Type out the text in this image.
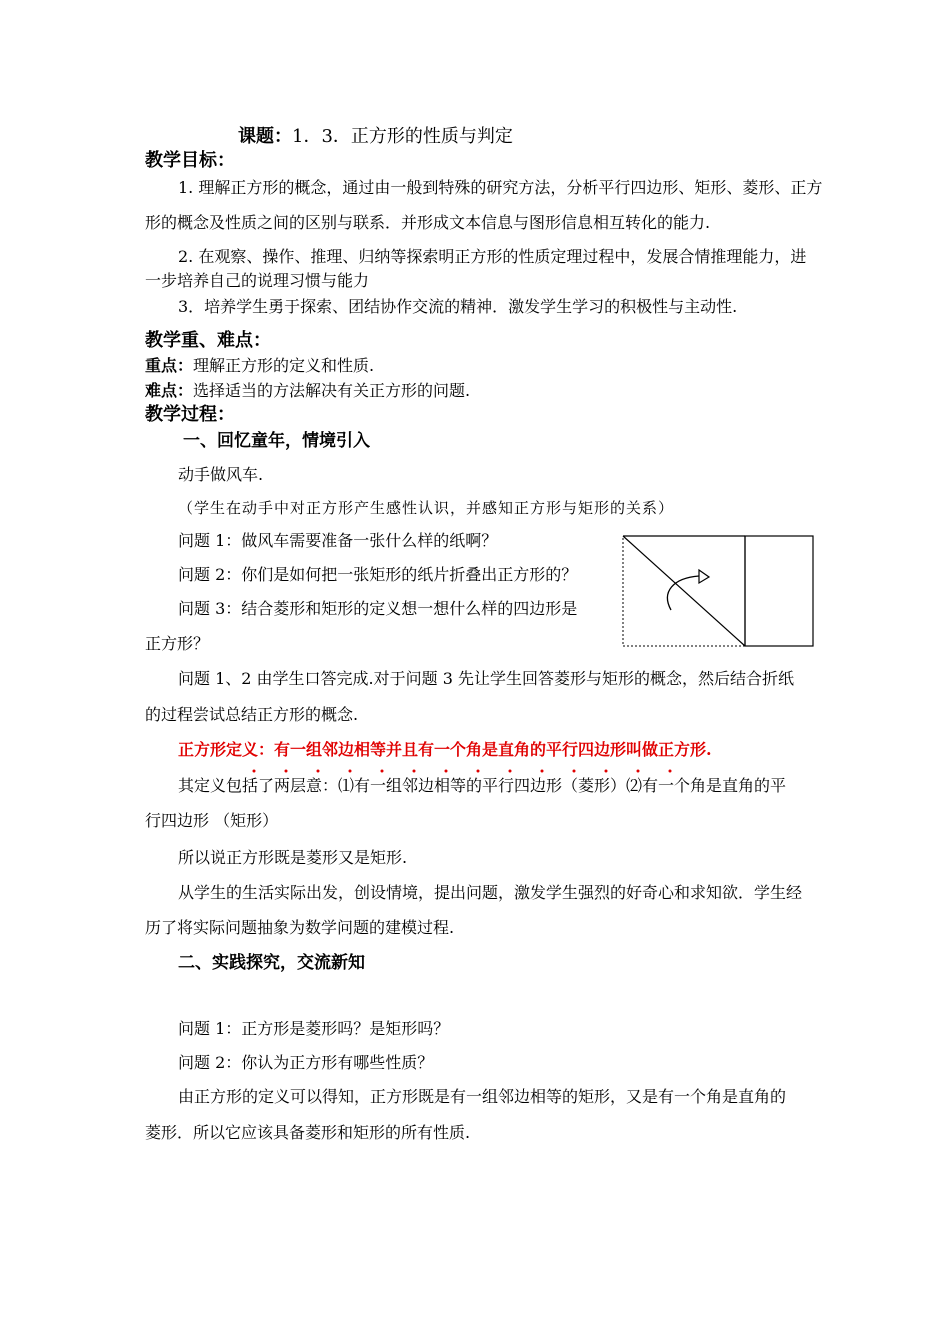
课题：1．3．正方形的性质与判定
教学目标：
1. 理解正方形的概念，通过由一般到特殊的研究方法，分析平行四边形、矩形、菱形、正方
形的概念及性质之间的区别与联系．并形成文本信息与图形信息相互转化的能力.
2. 在观察、操作、推理、归纳等探索明正方形的性质定理过程中，发展合情推理能力，进
一步培养自己的说理习惯与能力
3．培养学生勇于探索、团结协作交流的精神．激发学生学习的积极性与主动性.
教学重、难点：
重点：理解正方形的定义和性质.
难点：选择适当的方法解决有关正方形的问题.
教学过程：
一、回忆童年，情境引入
动手做风车.
（学生在动手中对正方形产生感性认识，并感知正方形与矩形的关系）
问题 1：做风车需要准备一张什么样的纸啊？
问题 2：你们是如何把一张矩形的纸片折叠出正方形的？
问题 3：结合菱形和矩形的定义想一想什么样的四边形是
正方形？
问题 1、2 由学生口答完成.对于问题 3 先让学生回答菱形与矩形的概念，然后结合折纸
的过程尝试总结正方形的概念.
正方形定义：有一组邻边相等并且有一个角是直角的平行四边形叫做正方形.
其定义包括了两层意：⑴有一组邻边相等的平行四边形（菱形）⑵有一个角是直角的平
行四边形 （矩形）
所以说正方形既是菱形又是矩形.
从学生的生活实际出发，创设情境，提出问题，激发学生强烈的好奇心和求知欲．学生经
历了将实际问题抽象为数学问题的建模过程.
二、实践探究，交流新知
问题 1：正方形是菱形吗？是矩形吗？
问题 2：你认为正方形有哪些性质？
由正方形的定义可以得知，正方形既是有一组邻边相等的矩形，又是有一个角是直角的
菱形．所以它应该具备菱形和矩形的所有性质.
